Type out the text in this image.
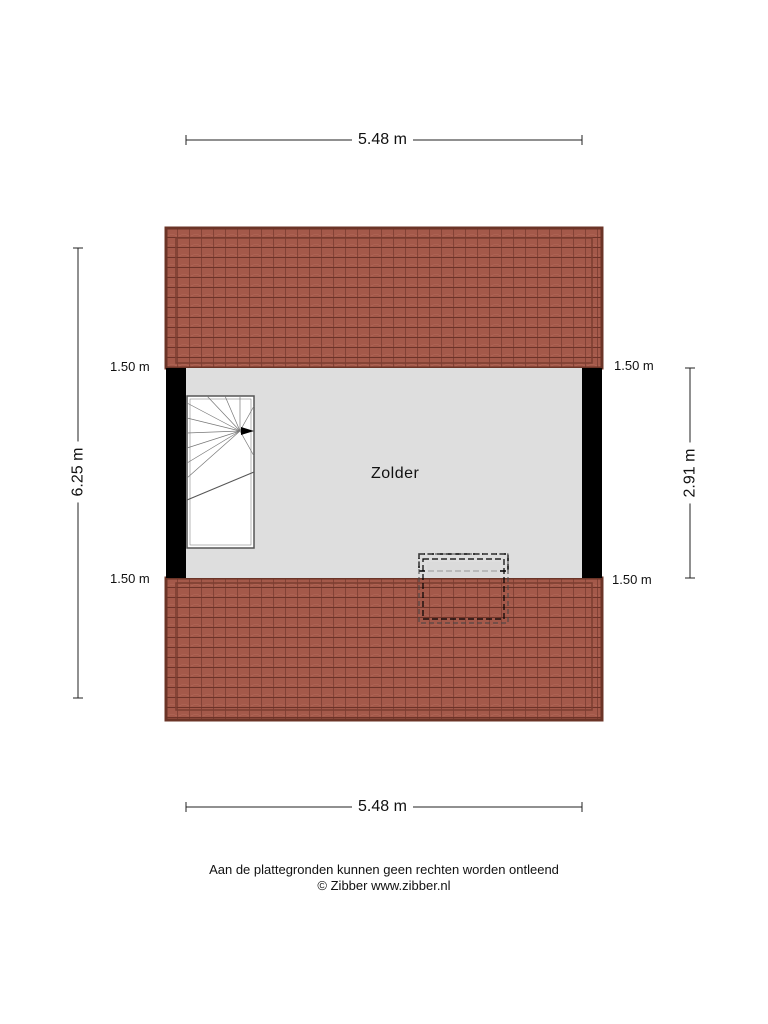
5.48 m
5.48 m
6.25 m	2.91 m
1.50 m
1.50 m
1.50 m
1.50 m
Zolder
Aan de plattegronden kunnen geen rechten worden ontleend
© Zibber www.zibber.nl
